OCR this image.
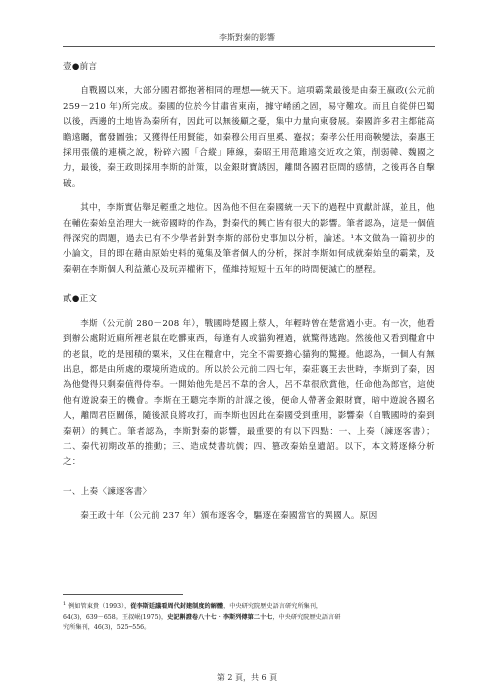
李斯對秦的影響

壹●前言

自戰國以來，大部分國君都抱著相同的理想──統天下。這項霸業最後是由秦王嬴政(公元前 259－210 年)所完成。秦國的位於今甘肅省東南，據守崤函之固，易守難攻。而且自從併巴蜀以後，西邊的土地皆為秦所有，因此可以無後顧之憂，集中力量向東發展。秦國許多君主都能高瞻遠矚，奮發圖強；又獲得任用賢能，如秦穆公用百里奚、蹇叔；秦孝公任用商鞅變法，秦惠王採用張儀的連橫之說，粉碎六國「合縱」陣線，秦昭王用范雎遠交近攻之策，削弱韓、魏國之力，最後，秦王政則採用李斯的計策，以金銀財寶誘因，離間各國君臣間的感情，之後再各自擊破。

其中，李斯實佔舉足輕重之地位。因為他不但在秦國統一天下的過程中貢獻計謀，並且，他在輔佐秦始皇治理大一統帝國時的作為，對秦代的興亡皆有很大的影響。筆者認為，這是一個值得深究的問題，過去已有不少學者針對李斯的部份史事加以分析，論述。¹本文做為一篇初步的小論文，目的即在藉由原始史料的蒐集及筆者個人的分析，探討李斯如何成就秦始皇的霸業，及秦朝在李斯個人利益薰心及玩弄權術下，僅維持短短十五年的時間便滅亡的歷程。

貳●正文

李斯（公元前 280－208 年），戰國時楚國上蔡人，年輕時曾在楚當過小吏。有一次，他看到辦公處附近廁所裡老鼠在吃髒東西，每逢有人或貓狗裡過，就驚得逃跑。然後他又看到糧倉中的老鼠，吃的是囤積的粟米，又住在糧倉中，完全不需要擔心貓狗的驚擾。他認為，一個人有無出息，都是由所處的環境所造成的。所以於公元前二四七年，秦莊襄王去世時，李斯到了秦，因為他覺得只剩秦值得侍奉。一開始他先是呂不韋的舍人，呂不韋很欣賞他，任命他為郎官，這使他有遊說秦王的機會。李斯在王聽完李斯的計謀之後，便命人帶著金銀財寶，暗中遊說各國名人，離間君臣關係，隨後派良將攻打，而李斯也因此在秦國受到重用，影響秦（自戰國時的秦到秦朝）的興亡。筆者認為，李斯對秦的影響，最重要的有以下四點：一、上奏（諫逐客書）；二、秦代初期改革的推動；三、造成焚書坑儒；四、篡改秦始皇遺詔。以下，本文將逐條分析之：

一、上奏〈諫逐客書〉

秦王政十年（公元前 237 年）頒布逐客令，驅逐在秦國當官的異國人。原因

$^1$ 例如管東貴（1993），從李斯廷議看周代封建制度的解體，中央研究院歷史語言研究所集刊，
64(3)，639－658。王叔岷(1975)，史記斠證卷八十七‧李斯列傳第二十七，中央研究院歷史語言研
究所集刊，46(3)，525─556。
第 2 頁，共 6 頁
